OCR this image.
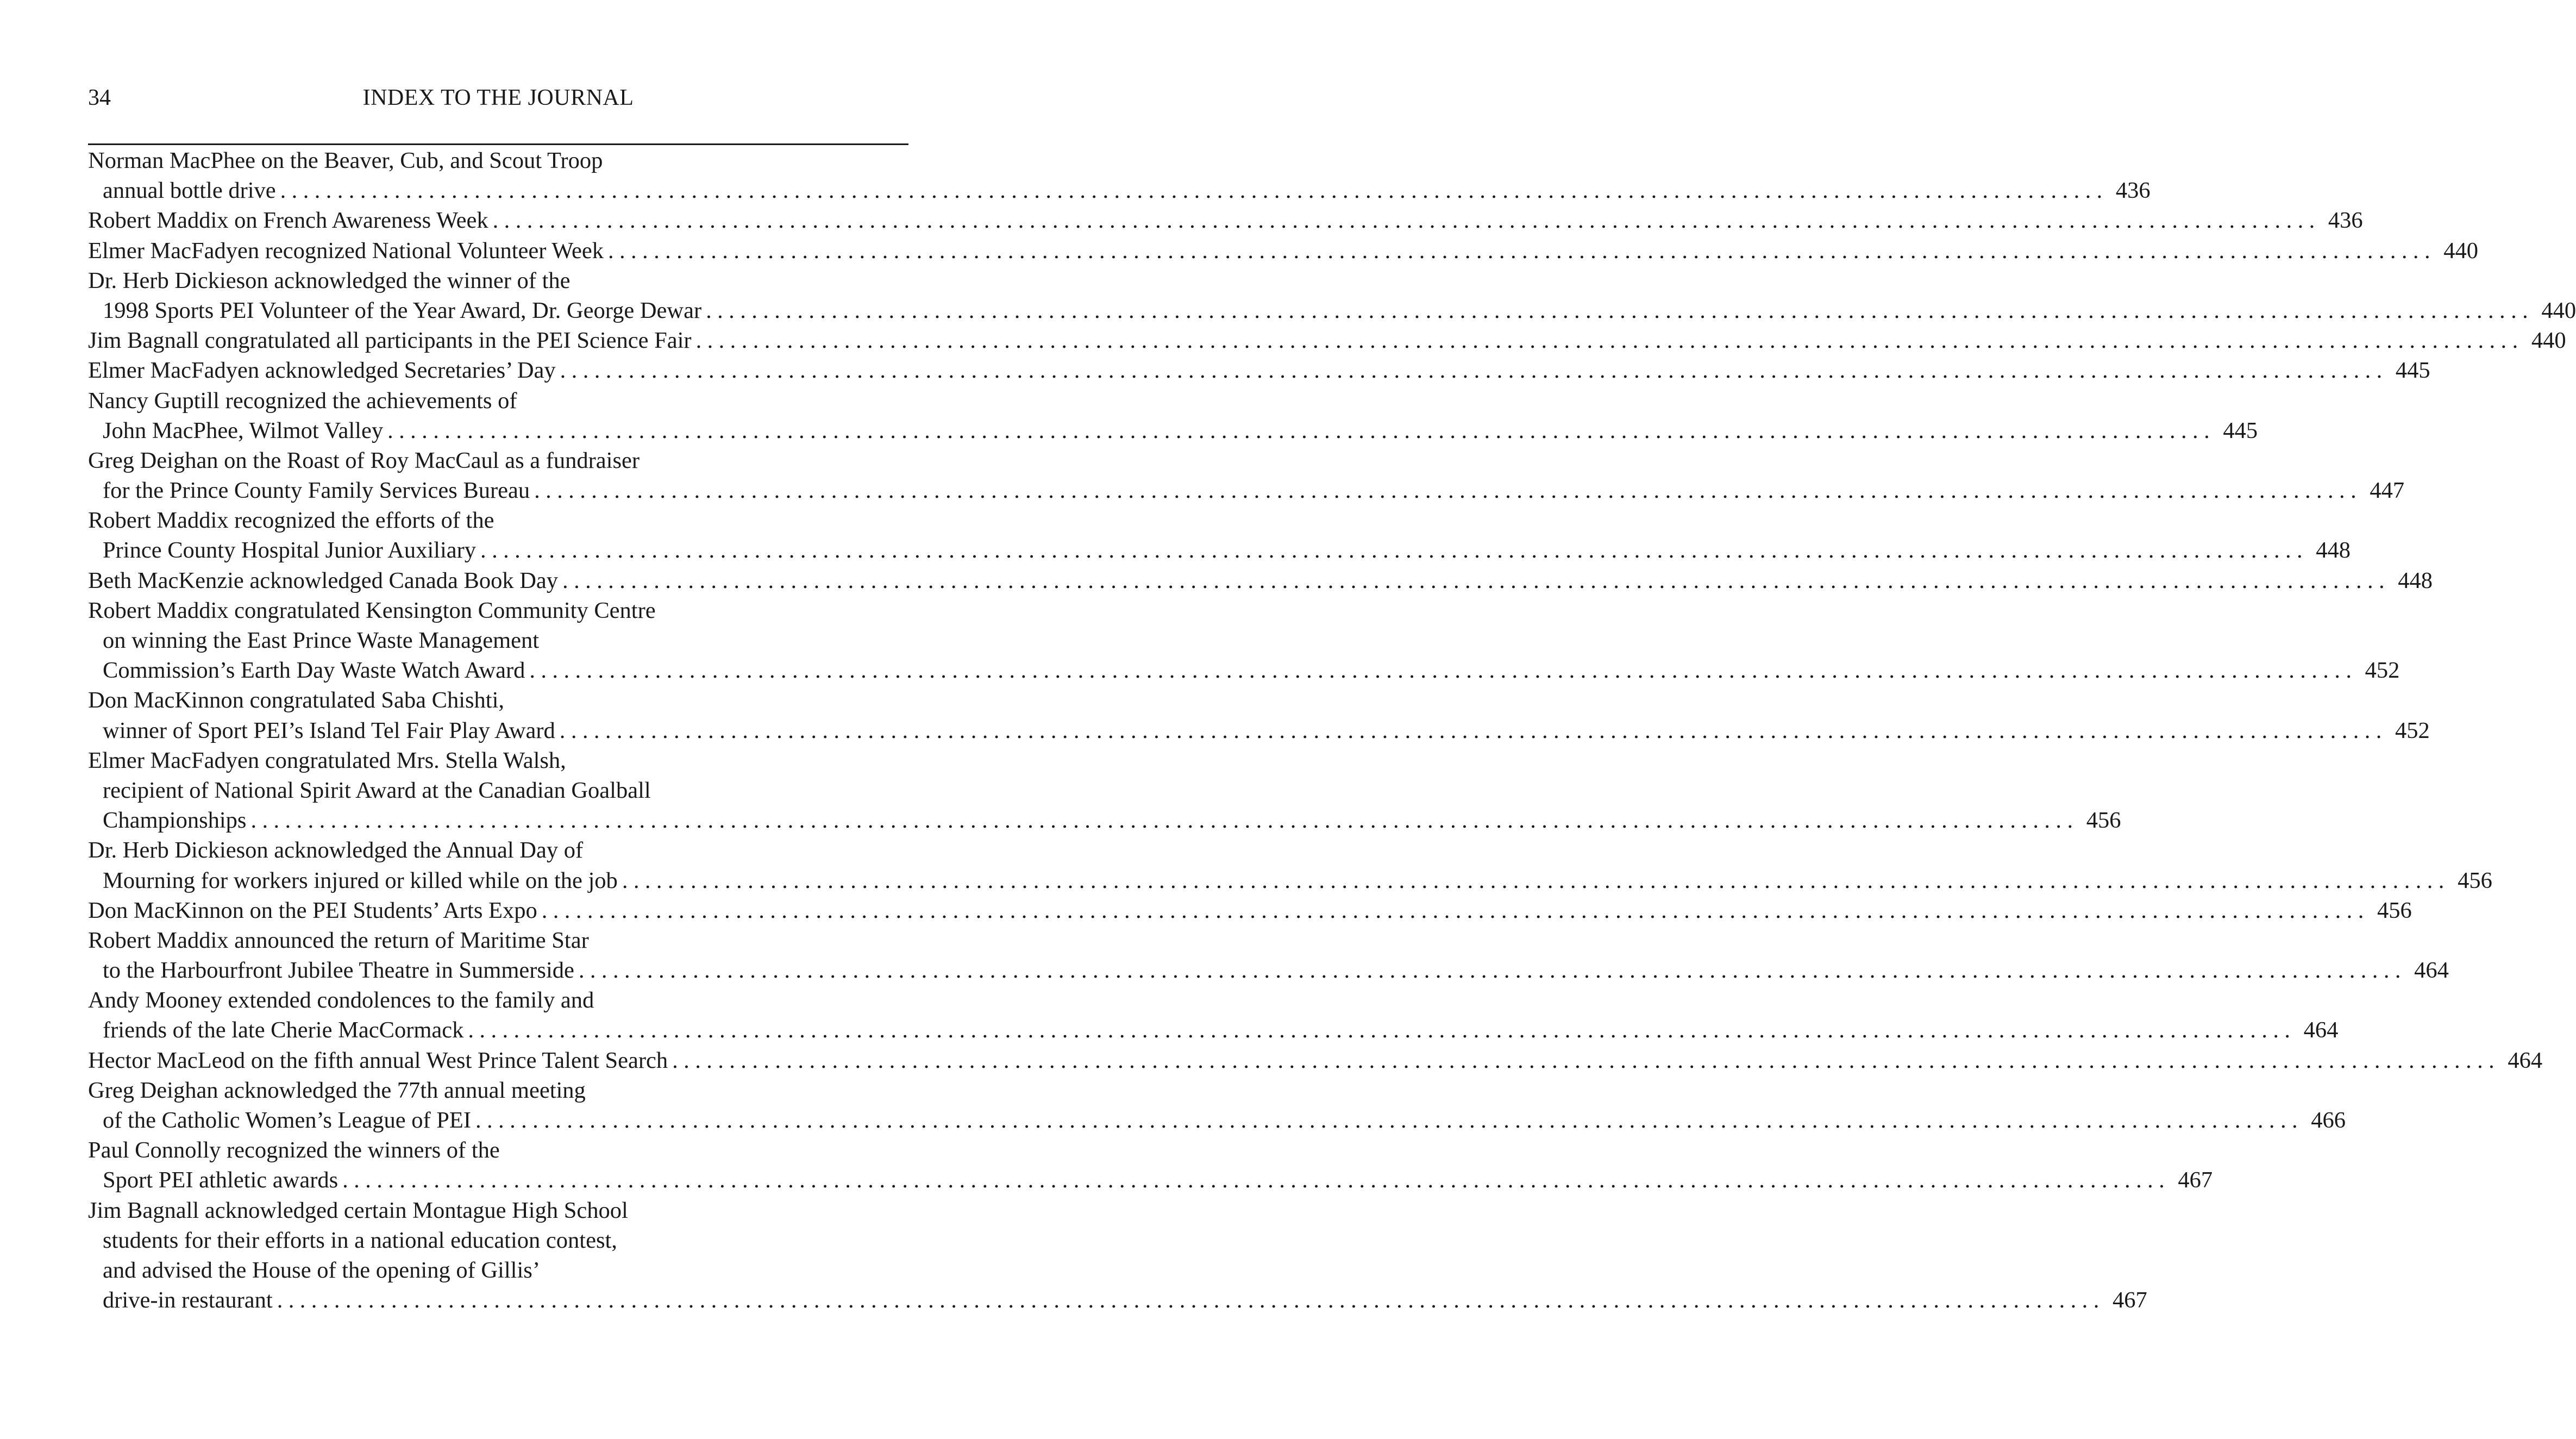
34	INDEX TO THE JOURNAL
Norman MacPhee on the Beaver, Cub, and Scout Troop
annual bottle drive ................................................................................................................................................................ 436
Robert Maddix on French Awareness Week ................................................................................................................................................................ 436
Elmer MacFadyen recognized National Volunteer Week ................................................................................................................................................................ 440
Dr. Herb Dickieson acknowledged the winner of the
1998 Sports PEI Volunteer of the Year Award, Dr. George Dewar ................................................................................................................................................................ 440
Jim Bagnall congratulated all participants in the PEI Science Fair ................................................................................................................................................................ 440
Elmer MacFadyen acknowledged Secretaries’ Day ................................................................................................................................................................ 445
Nancy Guptill recognized the achievements of
John MacPhee, Wilmot Valley ................................................................................................................................................................ 445
Greg Deighan on the Roast of Roy MacCaul as a fundraiser
for the Prince County Family Services Bureau ................................................................................................................................................................ 447
Robert Maddix recognized the efforts of the
Prince County Hospital Junior Auxiliary ................................................................................................................................................................ 448
Beth MacKenzie acknowledged Canada Book Day ................................................................................................................................................................ 448
Robert Maddix congratulated Kensington Community Centre
on winning the East Prince Waste Management
Commission’s Earth Day Waste Watch Award ................................................................................................................................................................ 452
Don MacKinnon congratulated Saba Chishti,
winner of Sport PEI’s Island Tel Fair Play Award ................................................................................................................................................................ 452
Elmer MacFadyen congratulated Mrs. Stella Walsh,
recipient of National Spirit Award at the Canadian Goalball
Championships ................................................................................................................................................................ 456
Dr. Herb Dickieson acknowledged the Annual Day of
Mourning for workers injured or killed while on the job ................................................................................................................................................................ 456
Don MacKinnon on the PEI Students’ Arts Expo ................................................................................................................................................................ 456
Robert Maddix announced the return of Maritime Star
to the Harbourfront Jubilee Theatre in Summerside ................................................................................................................................................................ 464
Andy Mooney extended condolences to the family and
friends of the late Cherie MacCormack ................................................................................................................................................................ 464
Hector MacLeod on the fifth annual West Prince Talent Search ................................................................................................................................................................ 464
Greg Deighan acknowledged the 77th annual meeting
of the Catholic Women’s League of PEI ................................................................................................................................................................ 466
Paul Connolly recognized the winners of the
Sport PEI athletic awards ................................................................................................................................................................ 467
Jim Bagnall acknowledged certain Montague High School
students for their efforts in a national education contest,
and advised the House of the opening of Gillis’
drive-in restaurant ................................................................................................................................................................ 467
